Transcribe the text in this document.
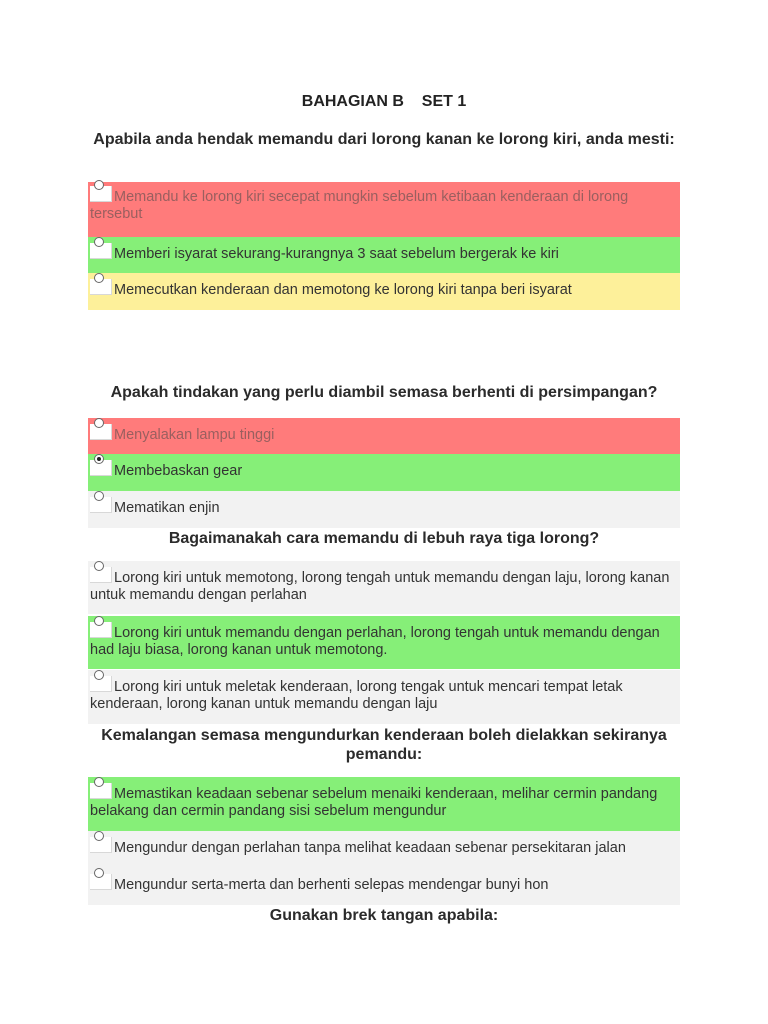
BAHAGIAN B    SET 1
Apabila anda hendak memandu dari lorong kanan ke lorong kiri, anda mesti:
Memandu ke lorong kiri secepat mungkin sebelum ketibaan kenderaan di lorong tersebut
Memberi isyarat sekurang-kurangnya 3 saat sebelum bergerak ke kiri
Memecutkan kenderaan dan memotong ke lorong kiri tanpa beri isyarat
Apakah tindakan yang perlu diambil semasa berhenti di persimpangan?
Menyalakan lampu tinggi
Membebaskan gear
Mematikan enjin
Bagaimanakah cara memandu di lebuh raya tiga lorong?
Lorong kiri untuk memotong, lorong tengah untuk memandu dengan laju, lorong kanan untuk memandu dengan perlahan
Lorong kiri untuk memandu dengan perlahan, lorong tengah untuk memandu dengan had laju biasa, lorong kanan untuk memotong.
Lorong kiri untuk meletak kenderaan, lorong tengak untuk mencari tempat letak kenderaan, lorong kanan untuk memandu dengan laju
Kemalangan semasa mengundurkan kenderaan boleh dielakkan sekiranya pemandu:
Memastikan keadaan sebenar sebelum menaiki kenderaan, melihar cermin pandang belakang dan cermin pandang sisi sebelum mengundur
Mengundur dengan perlahan tanpa melihat keadaan sebenar persekitaran jalan
Mengundur serta-merta dan berhenti selepas mendengar bunyi hon
Gunakan brek tangan apabila:
